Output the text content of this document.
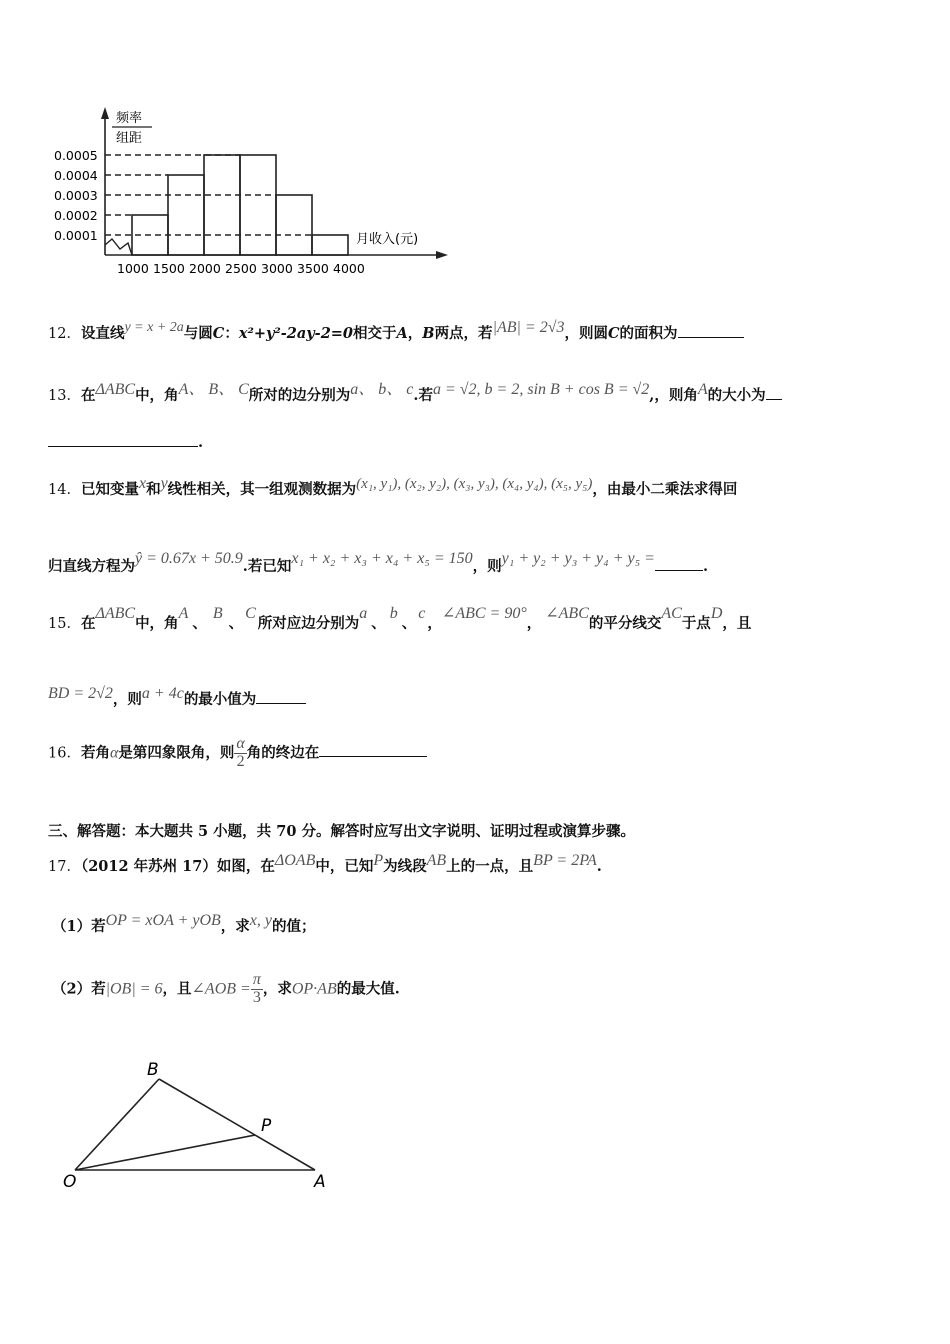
频率
组距
月收入(元)
0.0001
0.0002
0.0003
0.0004
0.0005
1000 1500 2000 2500 3000 3500 4000
12．设直线y = x + 2a与圆C：x²+y²-2ay-2=0相交于A，B两点，若|AB| = 2√3，则圆C的面积为
13．在ΔABC中，角A、 B、 C所对的边分别为a、 b、 c.若a = √2, b = 2, sin B + cos B = √2,，则角A的大小为
.
14．已知变量x和y线性相关，其一组观测数据为(x₁, y₁), (x₂, y₂), (x₃, y₃), (x₄, y₄), (x₅, y₅)，由最小二乘法求得回
归直线方程为ŷ = 0.67x + 50.9.若已知x₁ + x₂ + x₃ + x₄ + x₅ = 150，则y₁ + y₂ + y₃ + y₄ + y₅ =	.
15．在ΔABC中，角A、B、C所对应边分别为a、b、c，∠ABC = 90°，∠ABC的平分线交AC于点D，且
BD = 2√2，则a + 4c的最小值为
16．若角α是第四象限角，则 $\frac{\alpha}{2}$ 角的终边在
三、解答题：本大题共 5 小题，共 70 分。解答时应写出文字说明、证明过程或演算步骤。
17．（2012 年苏州 17）如图，在ΔOAB中，已知P为线段AB上的一点，且BP = 2PA.
（1）若OP = xOA + yOB，求x, y的值；
（2）若|OB| = 6，且∠AOB = $\frac{\pi}{3}$ ，求OP·AB的最大值.
B
P
O	A
